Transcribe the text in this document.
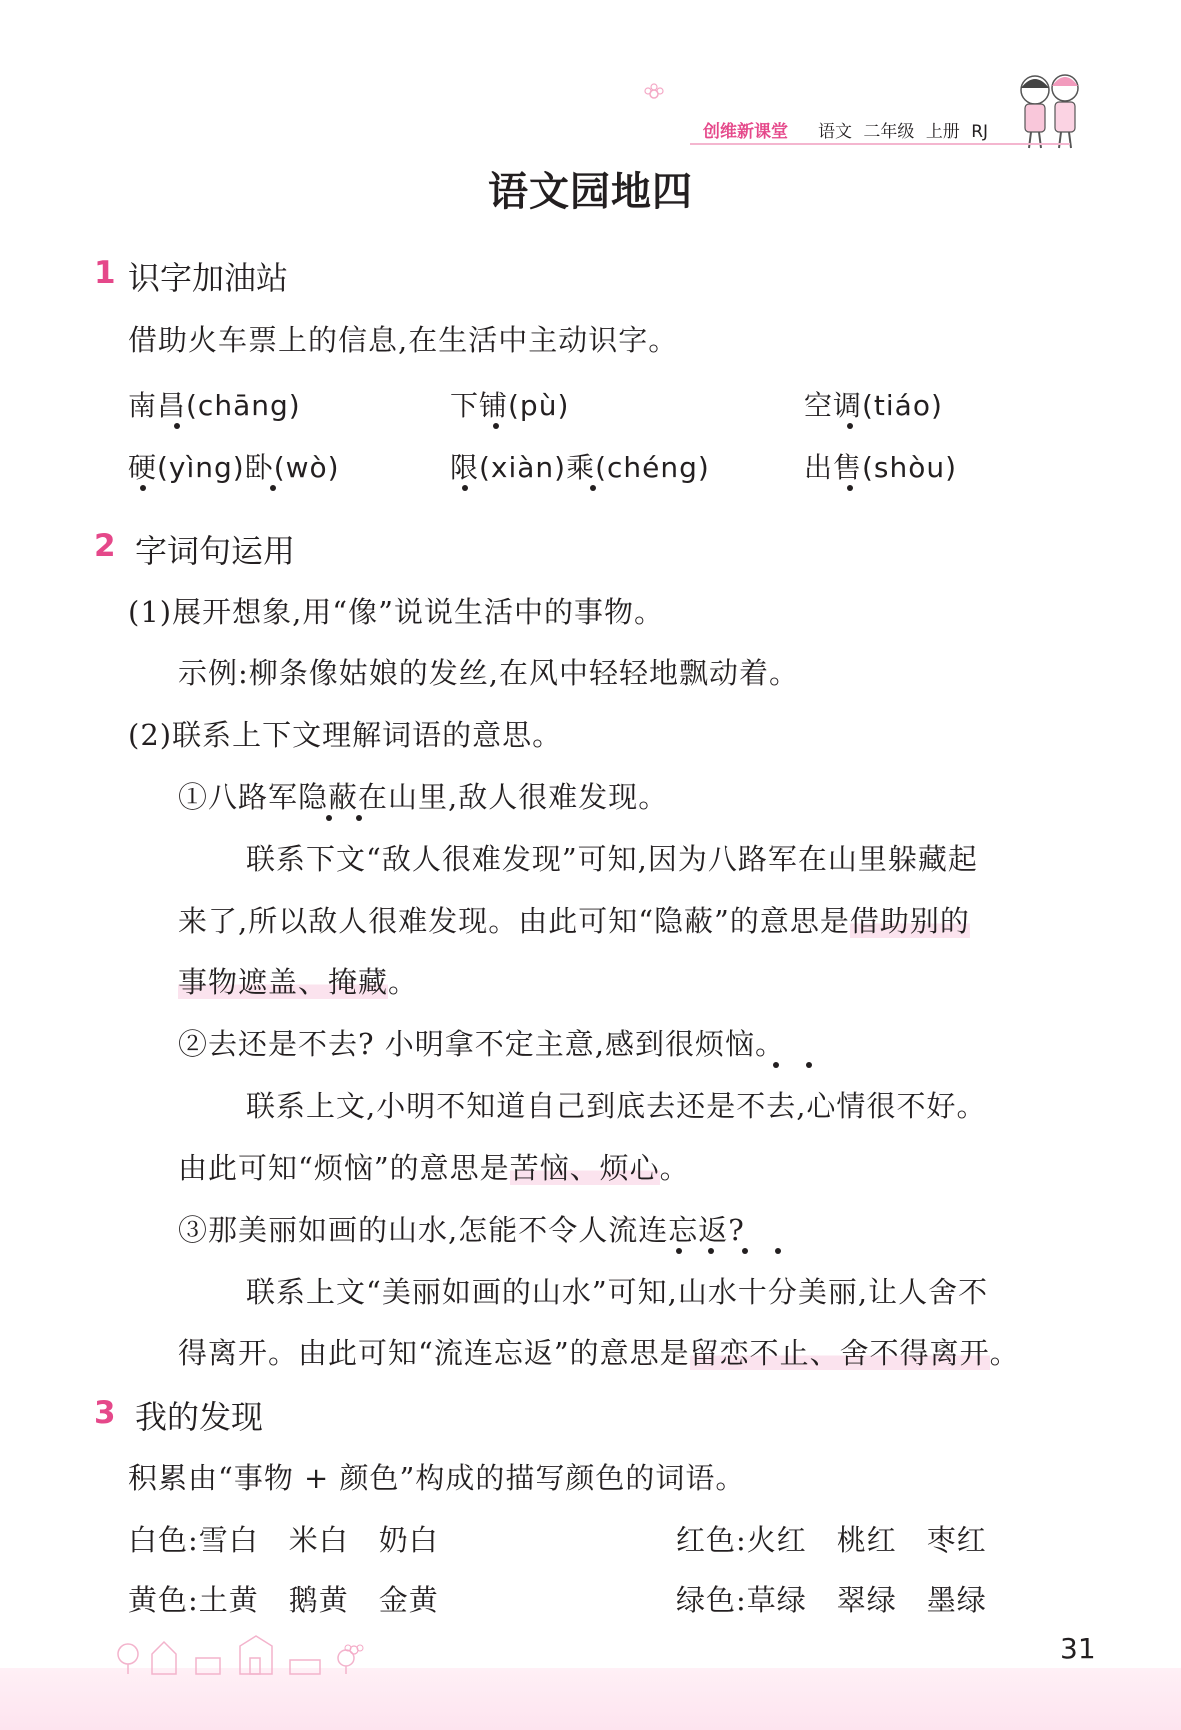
创维新课堂 语文 二年级 上册 RJ
语文园地四
1 识字加油站
借助火车票上的信息,在生活中主动识字。
南昌(chāng)	下铺(pù)	空调(tiáo)
硬(yìng)卧(wò)	限(xiàn)乘(chéng)	出售(shòu)
2 字词句运用
(1)展开想象,用“像”说说生活中的事物。
示例:柳条像姑娘的发丝,在风中轻轻地飘动着。
(2)联系上下文理解词语的意思。
①八路军隐蔽在山里,敌人很难发现。
联系下文“敌人很难发现”可知,因为八路军在山里躲藏起
来了,所以敌人很难发现。由此可知“隐蔽”的意思是借助别的
事物遮盖、掩藏。
②去还是不去? 小明拿不定主意,感到很烦恼。
联系上文,小明不知道自己到底去还是不去,心情很不好。
由此可知“烦恼”的意思是苦恼、烦心。
③那美丽如画的山水,怎能不令人流连忘返?
联系上文“美丽如画的山水”可知,山水十分美丽,让人舍不
得离开。由此可知“流连忘返”的意思是留恋不止、舍不得离开。
3 我的发现
积累由“事物 + 颜色”构成的描写颜色的词语。
白色:雪白　米白　奶白	红色:火红　桃红　枣红
黄色:土黄　鹅黄　金黄	绿色:草绿　翠绿　墨绿
31
